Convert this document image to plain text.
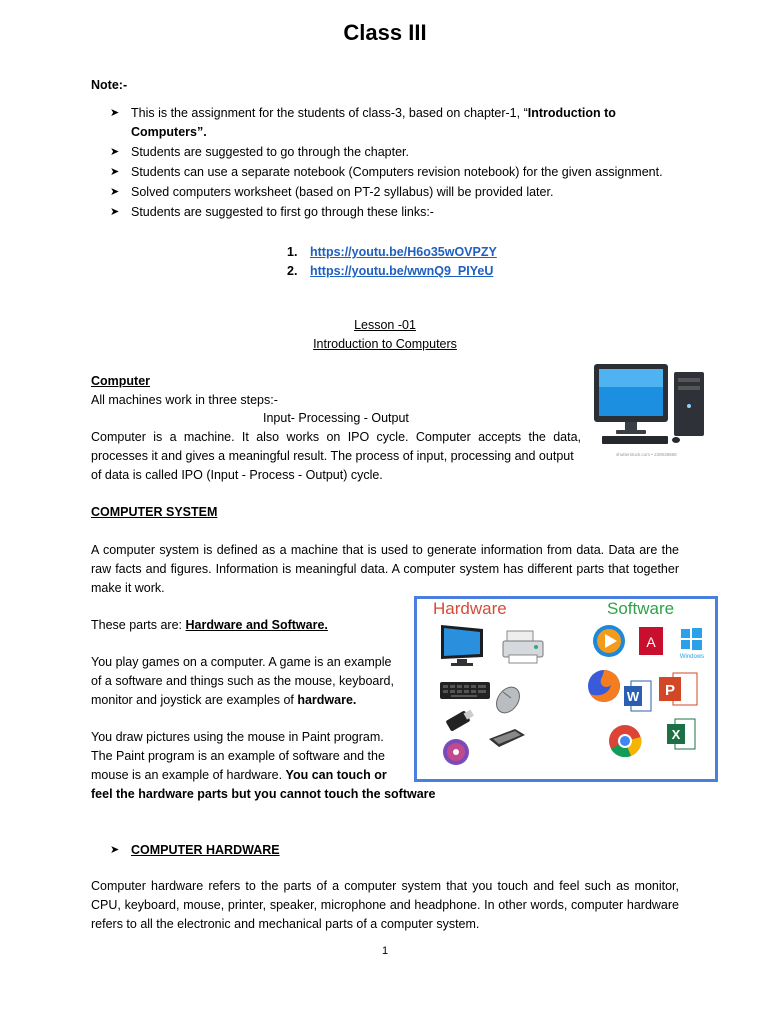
Class III
Note:-
➤ This is the assignment for the students of class-3, based on chapter-1, “Introduction to
Computers”.
➤ Students are suggested to go through the chapter.
➤ Students can use a separate notebook (Computers revision notebook) for the given assignment.
➤ Solved computers worksheet (based on PT-2 syllabus) will be provided later.
➤ Students are suggested to first go through these links:-
1. https://youtu.be/H6o35wOVPZY
2. https://youtu.be/wwnQ9_PIYeU
Lesson -01
Introduction to Computers
Computer
All machines work in three steps:-
Input- Processing - Output
Computer is a machine. It also works on IPO cycle. Computer accepts the data,
processes it and gives a meaningful result. The process of input, processing and output
of data is called IPO (Input - Process - Output) cycle.
shutterstock.com • 239036668
COMPUTER SYSTEM
A computer system is defined as a machine that is used to generate information from data. Data are the raw facts and figures. Information is meaningful data. A computer system has different parts that together make it work.
These parts are: Hardware and Software.
You play games on a computer. A game is an example
of a software and things such as the mouse, keyboard,
monitor and joystick are examples of hardware.
You draw pictures using the mouse in Paint program.
The Paint program is an example of software and the
mouse is an example of hardware. You can touch or
feel the hardware parts but you cannot touch the software
Hardware	Software
A
Windows
W P
X
➤ COMPUTER HARDWARE
Computer hardware refers to the parts of a computer system that you touch and feel such as monitor, CPU, keyboard, mouse, printer, speaker, microphone and headphone. In other words, computer hardware refers to all the electronic and mechanical parts of a computer system.
1
